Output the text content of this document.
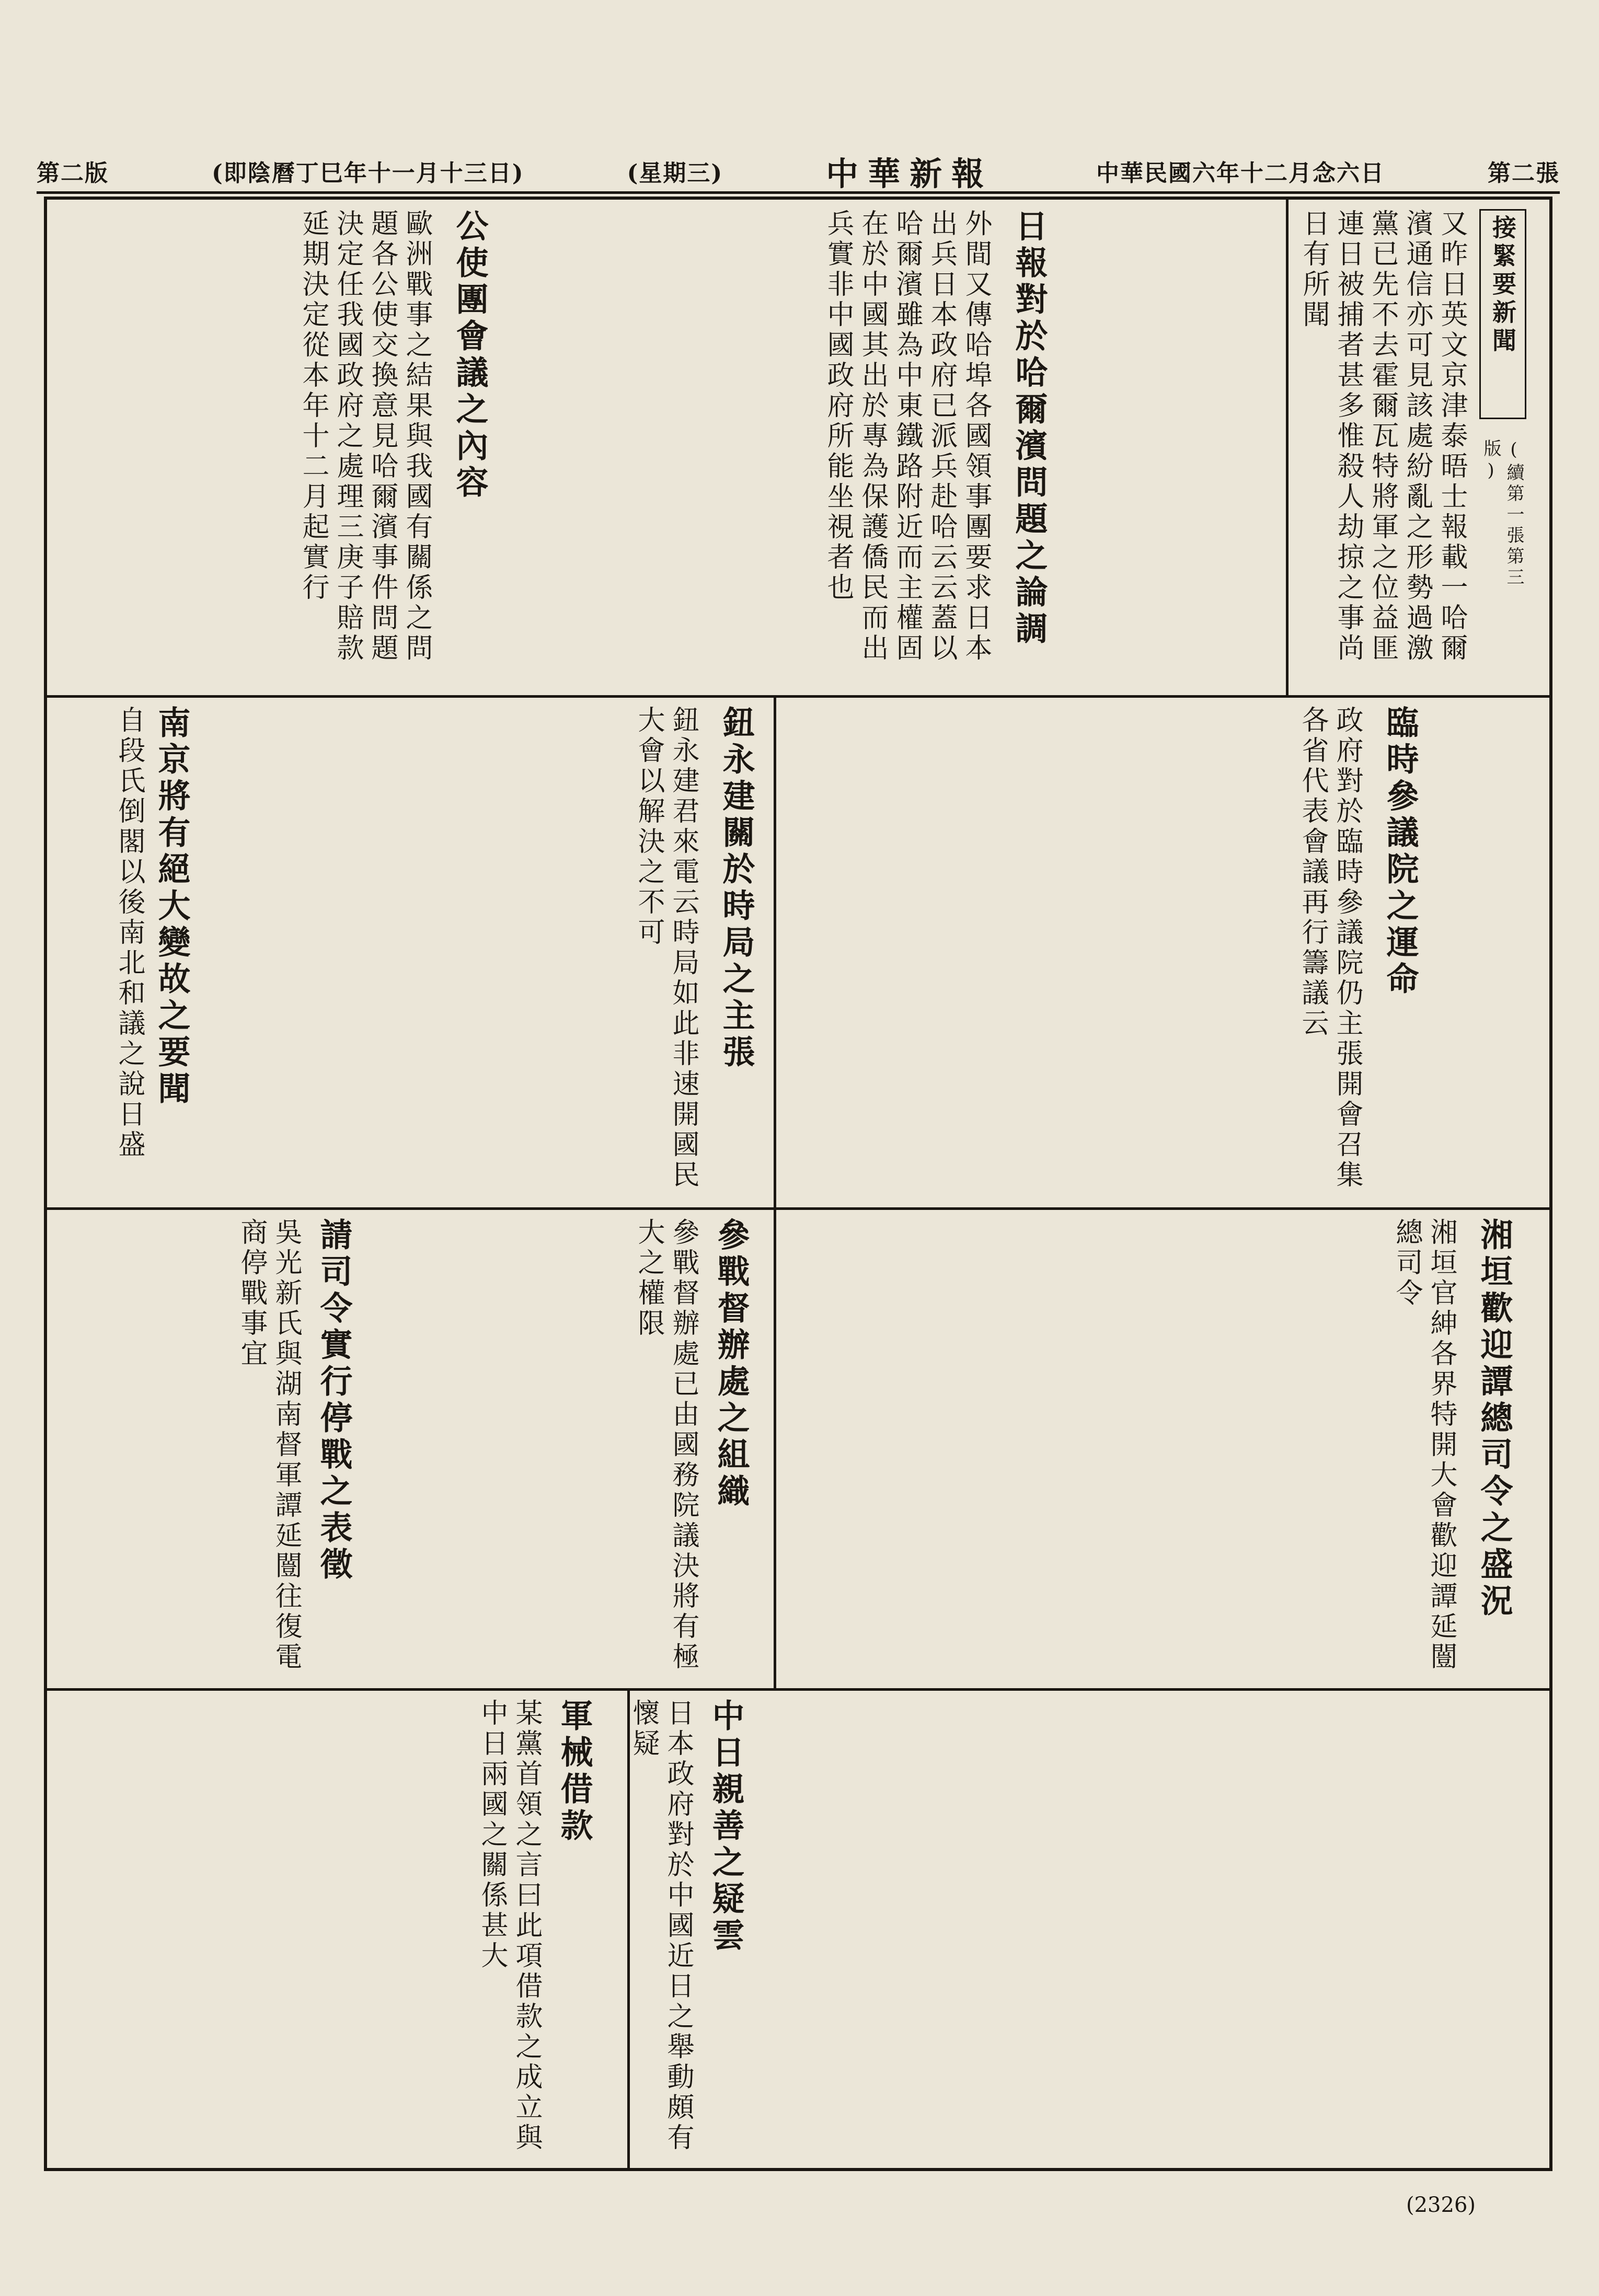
第二張
中華民國六年十二月念六日
中華新報
(星期三)
(即陰曆丁巳年十一月十三日)
第二版
接緊要新聞
(續第一張第三版)
又昨日英文京津泰晤士報載一哈爾濱通信亦可見該處紛亂之形勢過激黨已先不去霍爾瓦特將軍之位益匪連日被捕者甚多惟殺人劫掠之事尚日有所聞
日報對於哈爾濱問題之論調
外間又傳哈埠各國領事團要求日本出兵日本政府已派兵赴哈云云蓋以哈爾濱雖為中東鐵路附近而主權固在於中國其出於專為保護僑民而出兵實非中國政府所能坐視者也
公使團會議之內容
歐洲戰事之結果與我國有關係之問題各公使交換意見哈爾濱事件問題決定任我國政府之處理三庚子賠款延期決定從本年十二月起實行
臨時參議院之運命
政府對於臨時參議院仍主張開會召集各省代表會議再行籌議云
鈕永建關於時局之主張
鈕永建君來電云時局如此非速開國民大會以解決之不可
南京將有絕大變故之要聞
自段氏倒閣以後南北和議之說日盛
湘垣歡迎譚總司令之盛況
湘垣官紳各界特開大會歡迎譚延闓總司令
參戰督辦處之組織
參戰督辦處已由國務院議決將有極大之權限
請司令實行停戰之表徵
吳光新氏與湖南督軍譚延闓往復電商停戰事宜
中日親善之疑雲
日本政府對於中國近日之舉動頗有懷疑
軍械借款
某黨首領之言曰此項借款之成立與中日兩國之關係甚大
(2326)
